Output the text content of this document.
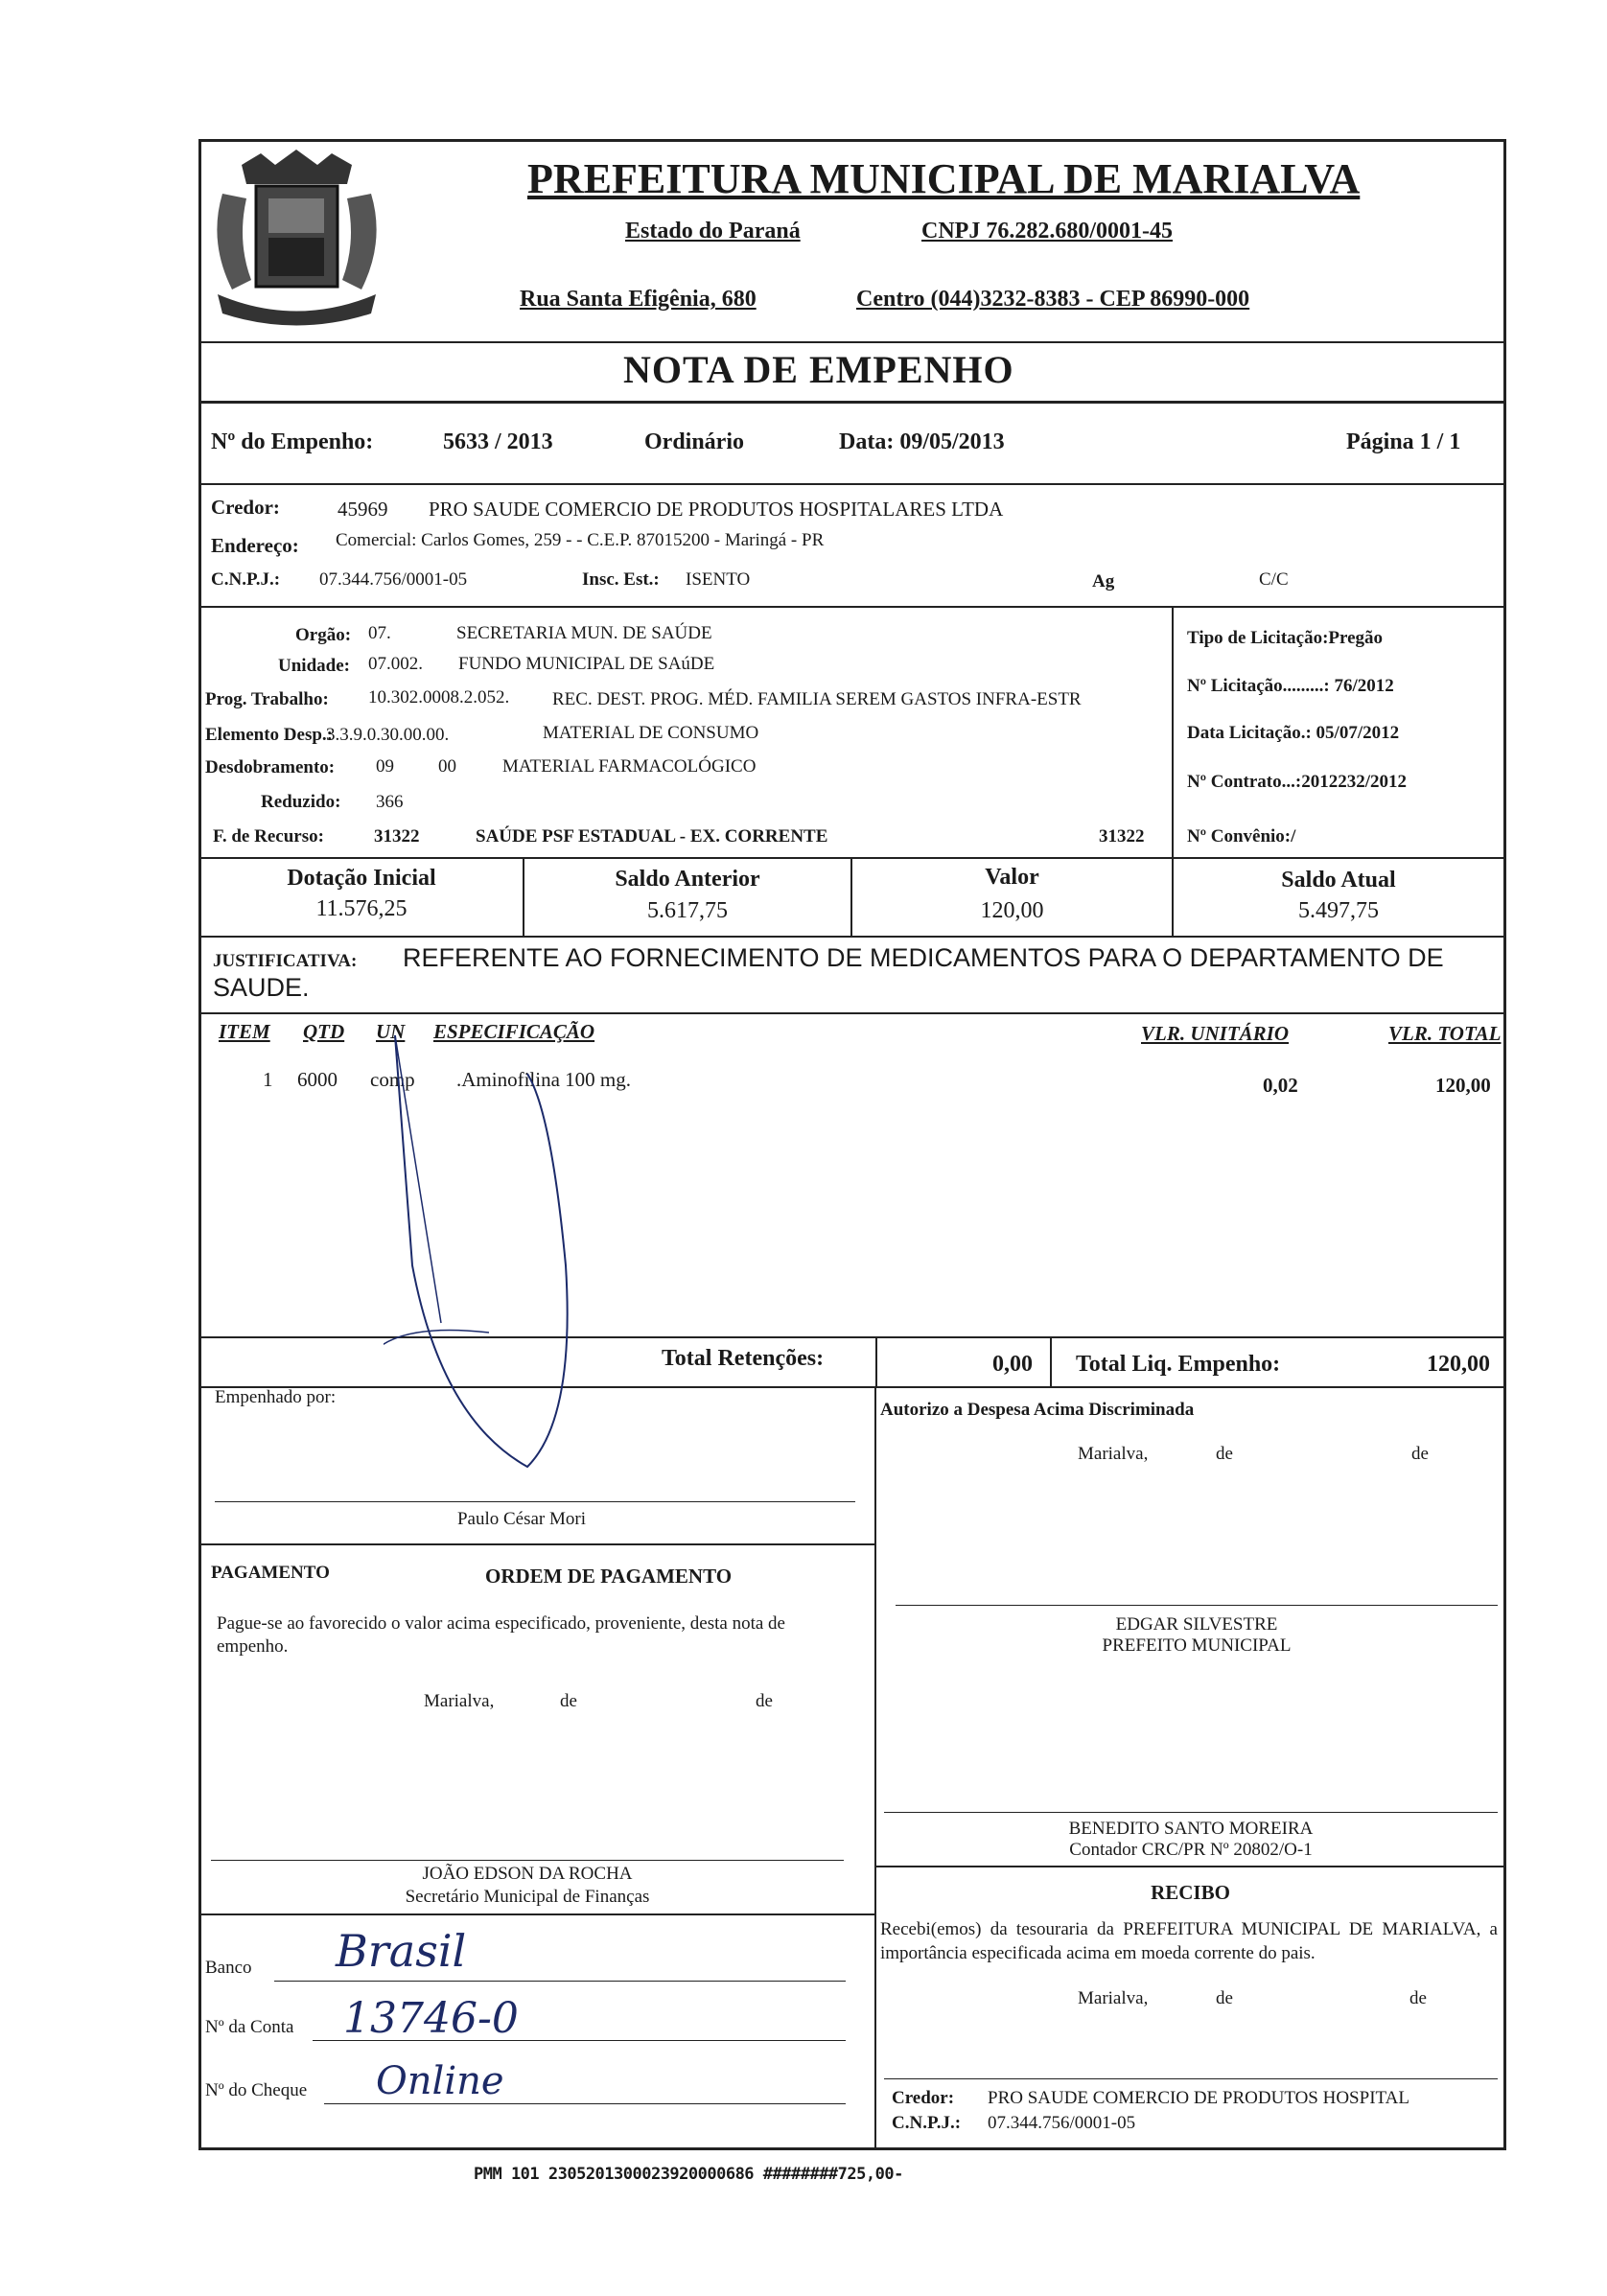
PREFEITURA MUNICIPAL DE MARIALVA
Estado do Paraná	CNPJ 76.282.680/0001-45
Rua Santa Efigênia, 680	Centro (044)3232-8383 - CEP 86990-000
NOTA DE EMPENHO
Nº do Empenho:	5633 / 2013	Ordinário	Data: 09/05/2013	Página 1 / 1
Credor:	45969 PRO SAUDE COMERCIO DE PRODUTOS HOSPITALARES LTDA
Endereço: Comercial: Carlos Gomes, 259 - - C.E.P. 87015200 - Maringá - PR
C.N.P.J.: 07.344.756/0001-05	Insc. Est.: ISENTO	Ag	C/C
Orgão: 07.	SECRETARIA MUN. DE SAÚDE
Unidade: 07.002. FUNDO MUNICIPAL DE SAúDE
Prog. Trabalho: 10.302.0008.2.052. REC. DEST. PROG. MÉD. FAMILIA SEREM GASTOS INFRA-ESTR
Elemento Desp.:
3.3.9.0.30.00.00.	MATERIAL DE CONSUMO
Desdobramento: 09 00	MATERIAL FARMACOLÓGICO
Reduzido: 366
F. de Recurso:	31322	SAÚDE PSF ESTADUAL - EX. CORRENTE	31322
Tipo de Licitação:Pregão
Nº Licitação.........: 76/2012
Data Licitação.: 05/07/2012
Nº Contrato...:2012232/2012
Nº Convênio:/
Dotação Inicial
11.576,25
Saldo Anterior
5.617,75
Valor
120,00
Saldo Atual
5.497,75
JUSTIFICATIVA: REFERENTE AO FORNECIMENTO DE MEDICAMENTOS PARA O DEPARTAMENTO DE
SAUDE.
ITEM QTD UN ESPECIFICAÇÃO	VLR. UNITÁRIO	VLR. TOTAL
1 6000 comp .Aminofilina 100 mg.	0,02	120,00
Total Retenções:	0,00 Total Liq. Empenho:	120,00
Empenhado por:
Paulo César Mori
Autorizo a Despesa Acima Discriminada
Marialva,	de	de
PAGAMENTO	ORDEM DE PAGAMENTO
Pague-se ao favorecido o valor acima especificado, proveniente, desta nota de empenho.
Marialva,	de	de
EDGAR SILVESTRE
PREFEITO MUNICIPAL
BENEDITO SANTO MOREIRA
Contador CRC/PR Nº 20802/O-1
JOÃO EDSON DA ROCHA
Secretário Municipal de Finanças	RECIBO
Recebi(emos) da tesouraria da PREFEITURA MUNICIPAL DE MARIALVA, a importância especificada acima em moeda corrente do pais.
Marialva,	de	de
Banco Brasil
Nº da Conta 13746-0
Nº do Cheque Online	Credor: PRO SAUDE COMERCIO DE PRODUTOS HOSPITAL
C.N.P.J.: 07.344.756/0001-05
PMM 101 2305201300023920000686 ########725,00-
